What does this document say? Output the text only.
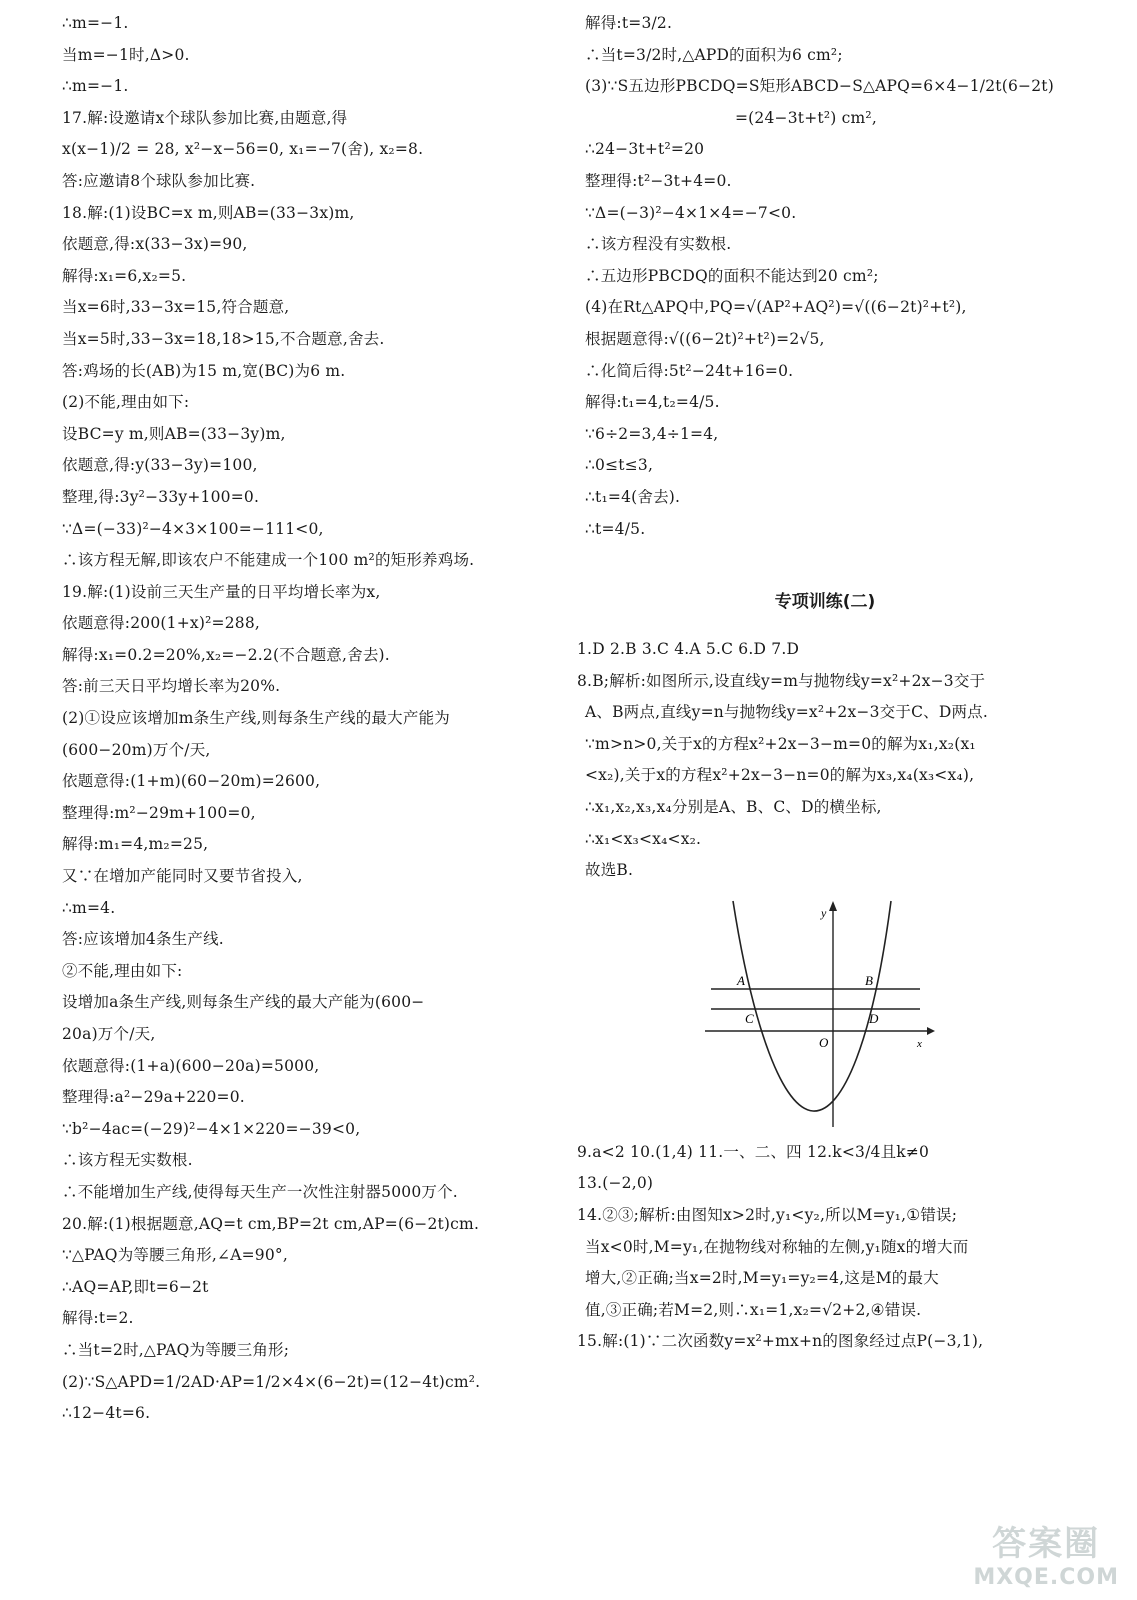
∴m=−1.
当m=−1时,Δ>0.
∴m=−1.
17.解:设邀请x个球队参加比赛,由题意,得
x(x−1)/2 = 28, x²−x−56=0, x₁=−7(舍), x₂=8.
答:应邀请8个球队参加比赛.
18.解:(1)设BC=x m,则AB=(33−3x)m,
依题意,得:x(33−3x)=90,
解得:x₁=6,x₂=5.
当x=6时,33−3x=15,符合题意,
当x=5时,33−3x=18,18>15,不合题意,舍去.
答:鸡场的长(AB)为15 m,宽(BC)为6 m.
(2)不能,理由如下:
设BC=y m,则AB=(33−3y)m,
依题意,得:y(33−3y)=100,
整理,得:3y²−33y+100=0.
∵Δ=(−33)²−4×3×100=−111<0,
∴该方程无解,即该农户不能建成一个100 m²的矩形养鸡场.
19.解:(1)设前三天生产量的日平均增长率为x,
依题意得:200(1+x)²=288,
解得:x₁=0.2=20%,x₂=−2.2(不合题意,舍去).
答:前三天日平均增长率为20%.
(2)①设应该增加m条生产线,则每条生产线的最大产能为
(600−20m)万个/天,
依题意得:(1+m)(60−20m)=2600,
整理得:m²−29m+100=0,
解得:m₁=4,m₂=25,
又∵在增加产能同时又要节省投入,
∴m=4.
答:应该增加4条生产线.
②不能,理由如下:
设增加a条生产线,则每条生产线的最大产能为(600−
20a)万个/天,
依题意得:(1+a)(600−20a)=5000,
整理得:a²−29a+220=0.
∵b²−4ac=(−29)²−4×1×220=−39<0,
∴该方程无实数根.
∴不能增加生产线,使得每天生产一次性注射器5000万个.
20.解:(1)根据题意,AQ=t cm,BP=2t cm,AP=(6−2t)cm.
∵△PAQ为等腰三角形,∠A=90°,
∴AQ=AP,即t=6−2t
解得:t=2.
∴当t=2时,△PAQ为等腰三角形;
(2)∵S△APD=1/2AD·AP=1/2×4×(6−2t)=(12−4t)cm².
∴12−4t=6.
解得:t=3/2.
∴当t=3/2时,△APD的面积为6 cm²;
(3)∵S五边形PBCDQ=S矩形ABCD−S△APQ=6×4−1/2t(6−2t)
=(24−3t+t²) cm²,
∴24−3t+t²=20
整理得:t²−3t+4=0.
∵Δ=(−3)²−4×1×4=−7<0.
∴该方程没有实数根.
∴五边形PBCDQ的面积不能达到20 cm²;
(4)在Rt△APQ中,PQ=√(AP²+AQ²)=√((6−2t)²+t²),
根据题意得:√((6−2t)²+t²)=2√5,
∴化简后得:5t²−24t+16=0.
解得:t₁=4,t₂=4/5.
∵6÷2=3,4÷1=4,
∴0≤t≤3,
∴t₁=4(舍去).
∴t=4/5.
专项训练(二)
1.D 2.B 3.C 4.A 5.C 6.D 7.D
8.B;解析:如图所示,设直线y=m与抛物线y=x²+2x−3交于
A、B两点,直线y=n与抛物线y=x²+2x−3交于C、D两点.
∵m>n>0,关于x的方程x²+2x−3−m=0的解为x₁,x₂(x₁
<x₂),关于x的方程x²+2x−3−n=0的解为x₃,x₄(x₃<x₄),
∴x₁,x₂,x₃,x₄分别是A、B、C、D的横坐标,
∴x₁<x₃<x₄<x₂.
故选B.
y
x
A	B
C	D
O
9.a<2 10.(1,4) 11.一、二、四 12.k<3/4且k≠0
13.(−2,0)
14.②③;解析:由图知x>2时,y₁<y₂,所以M=y₁,①错误;
当x<0时,M=y₁,在抛物线对称轴的左侧,y₁随x的增大而
增大,②正确;当x=2时,M=y₁=y₂=4,这是M的最大
值,③正确;若M=2,则∴x₁=1,x₂=√2+2,④错误.
15.解:(1)∵二次函数y=x²+mx+n的图象经过点P(−3,1),
答案圈
MXQE.COM
